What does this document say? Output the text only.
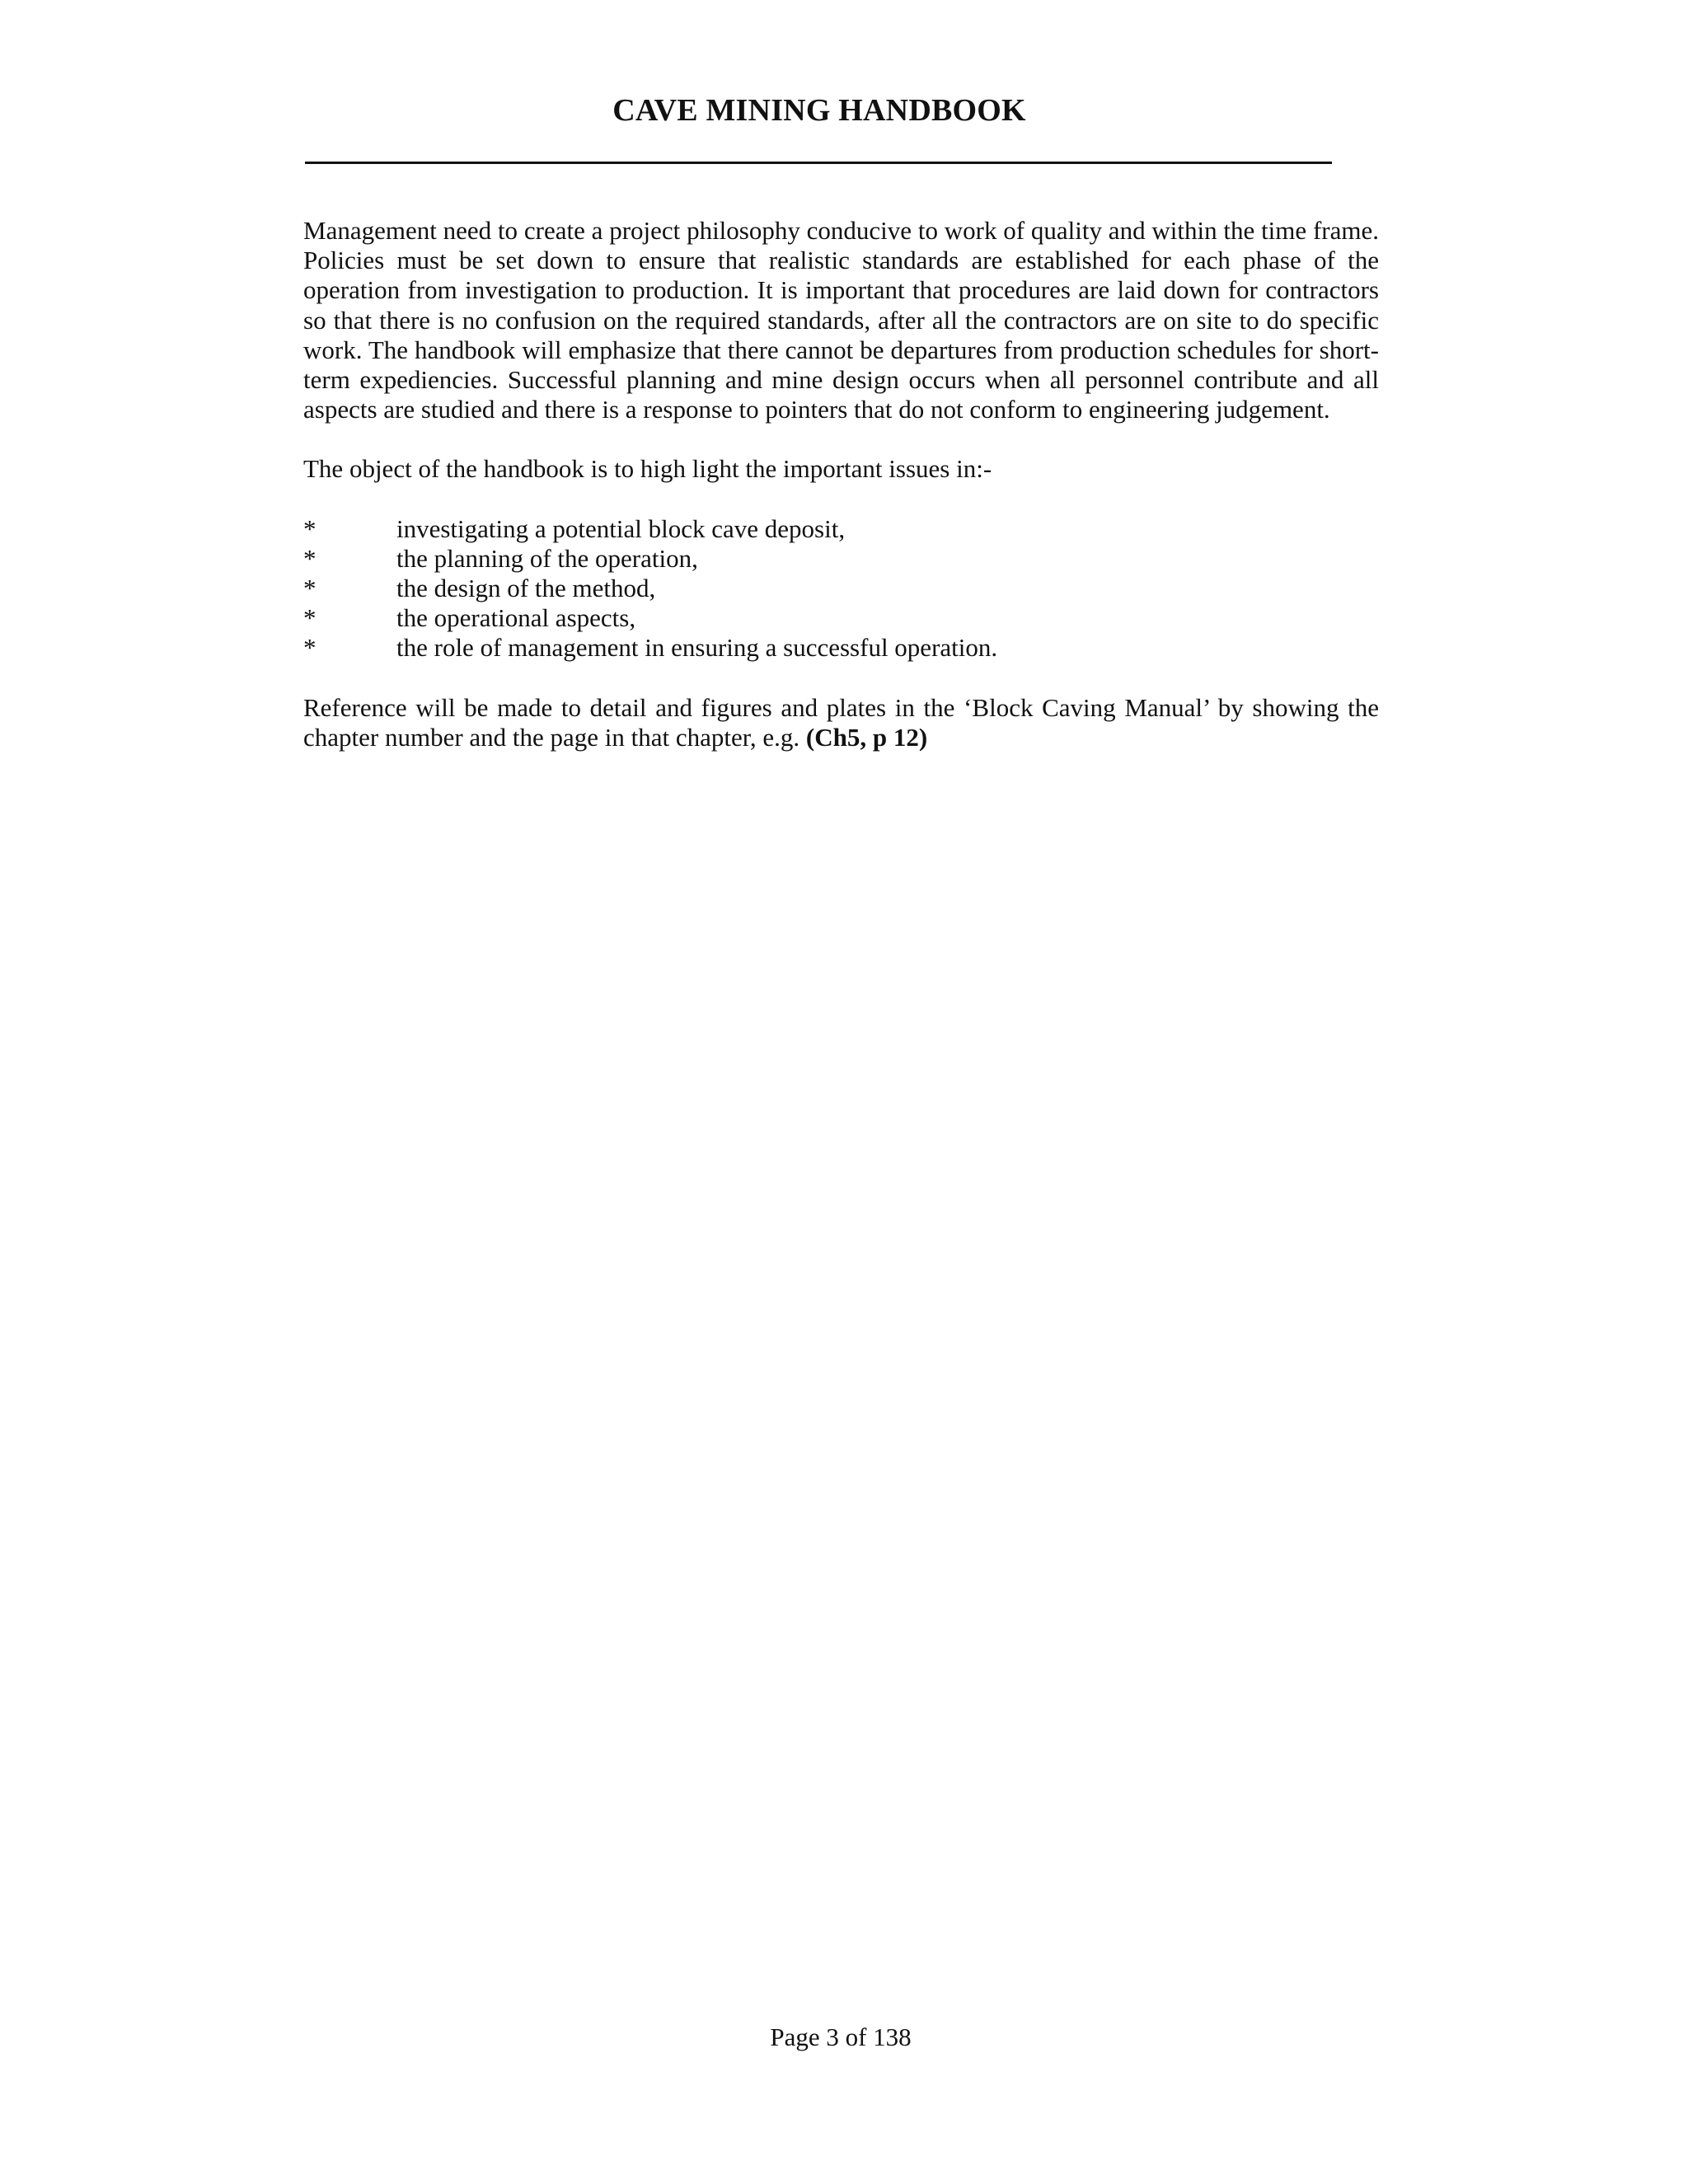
CAVE MINING HANDBOOK

Management need to create a project philosophy conducive to work of quality and within the time frame. Policies must be set down to ensure that realistic standards are established for each phase of the operation from investigation to production. It is important that procedures are laid down for contractors so that there is no confusion on the required standards, after all the contractors are on site to do specific work. The handbook will emphasize that there cannot be departures from production schedules for short-term expediencies. Successful planning and mine design occurs when all personnel contribute and all aspects are studied and there is a response to pointers that do not conform to engineering judgement.

The object of the handbook is to high light the important issues in:-

*	investigating a potential block cave deposit,
*	the planning of the operation,
*	the design of the method,
*	the operational aspects,
*	the role of management in ensuring a successful operation.

Reference will be made to detail and figures and plates in the ‘Block Caving Manual’ by showing the chapter number and the page in that chapter, e.g. (Ch5, p 12)

Page 3 of 138
